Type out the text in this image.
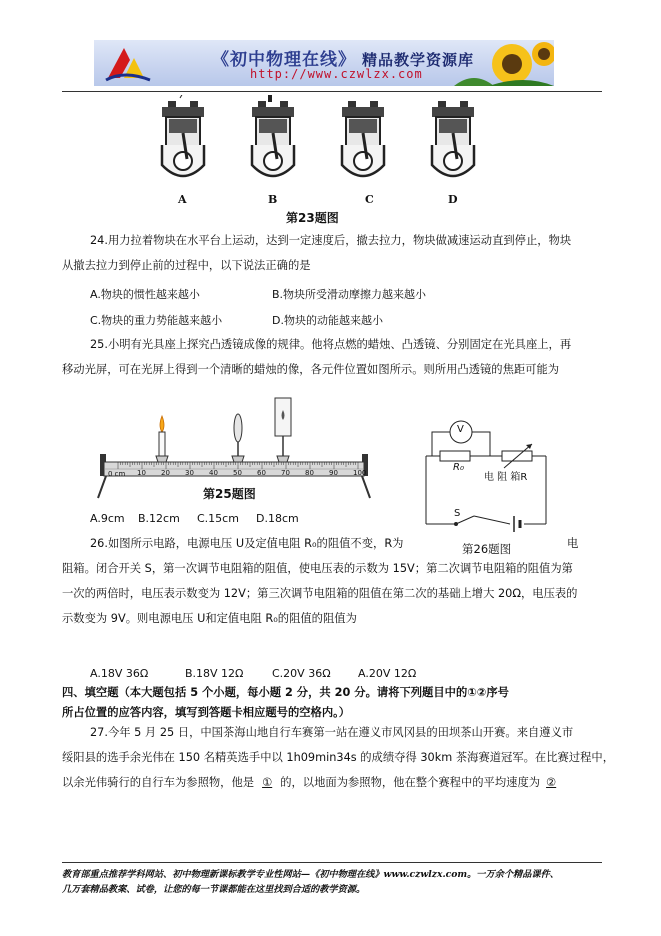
《初中物理在线》 精品教学资源库
http://www.czwlzx.com
A	B	C	D
第23题图
24.用力拉着物块在水平台上运动，达到一定速度后，撤去拉力，物块做减速运动直到停止，物块
从撤去拉力到停止前的过程中，以下说法正确的是
A.物块的惯性越来越小	B.物块所受滑动摩擦力越来越小
C.物块的重力势能越来越小	D.物块的动能越来越小
25.小明有光具座上探究凸透镜成像的规律。他将点燃的蜡烛、凸透镜、分别固定在光具座上，再
移动光屏，可在光屏上得到一个清晰的蜡烛的像，各元件位置如图所示。则所用凸透镜的焦距可能为
0 cm 10 20 30 40 50 60 70 80 90 100
第25题图
A.9cm B.12cm C.15cm D.18cm
V
R₀
电 阻 箱R
S
第26题图
26.如图所示电路，电源电压 U及定值电阻 R₀的阻值不变，R为	电
阻箱。闭合开关 S，第一次调节电阻箱的阻值，使电压表的示数为 15V；第二次调节电阻箱的阻值为第
一次的两倍时，电压表示数变为 12V；第三次调节电阻箱的阻值在第二次的基础上增大 20Ω，电压表的
示数变为 9V。则电源电压 U和定值电阻 R₀的阻值的阻值为
A.18V 36Ω	B.18V 12Ω	C.20V 36Ω A.20V 12Ω
四、填空题（本大题包括 5 个小题，每小题 2 分，共 20 分。请将下列题目中的①②序号
所占位置的应答内容，填写到答题卡相应题号的空格内。）
27.今年 5 月 25 日，中国茶海山地自行车赛第一站在遵义市风冈县的田坝茶山开赛。来自遵义市
绥阳县的选手余光伟在 150 名精英选手中以 1h09min34s 的成绩夺得 30km 茶海赛道冠军。在比赛过程中，
以余光伟骑行的自行车为参照物，他是 ① 的，以地面为参照物，他在整个赛程中的平均速度为 ②
教育部重点推荐学科网站、初中物理新课标教学专业性网站—《初中物理在线》www.czwlzx.com。一万余个精品课件、
几万套精品教案、试卷，让您的每一节课都能在这里找到合适的教学资源。
